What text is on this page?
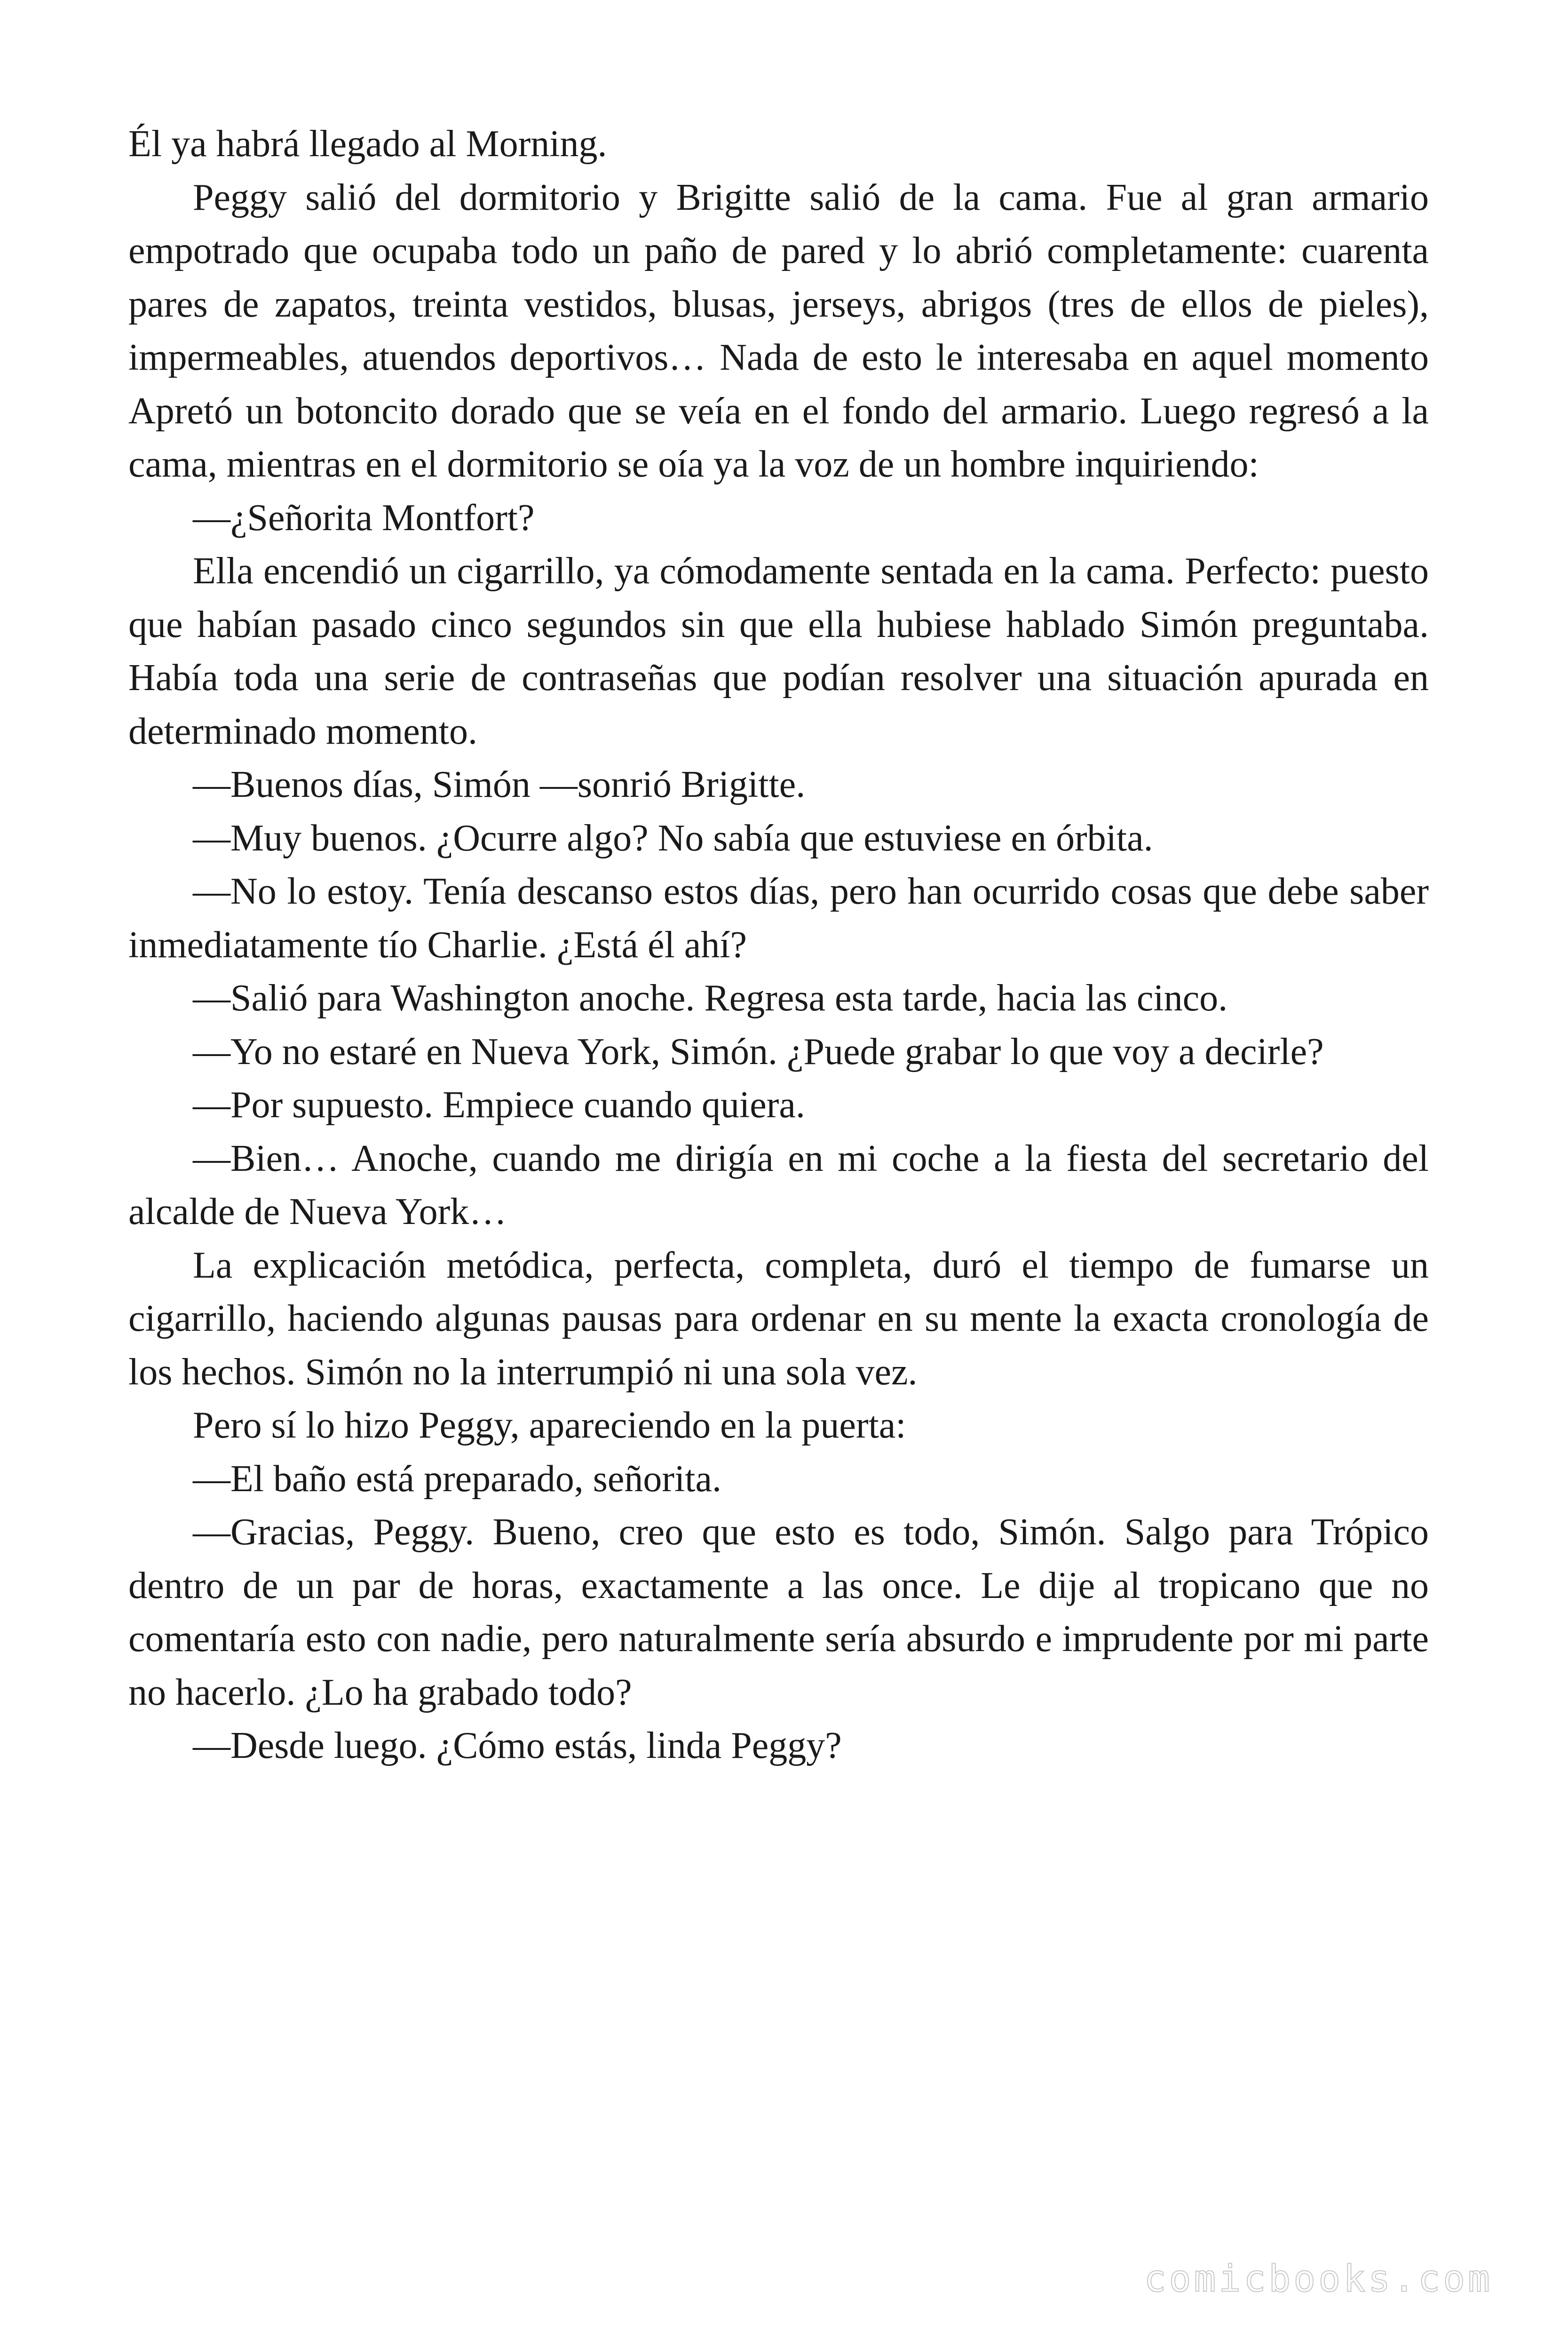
Él ya habrá llegado al Morning.

Peggy salió del dormitorio y Brigitte salió de la cama. Fue al gran armario empotrado que ocupaba todo un paño de pared y lo abrió completamente: cuarenta pares de zapatos, treinta vestidos, blusas, jerseys, abrigos (tres de ellos de pieles), impermeables, atuendos deportivos… Nada de esto le interesaba en aquel momento Apretó un botoncito dorado que se veía en el fondo del armario. Luego regresó a la cama, mientras en el dormitorio se oía ya la voz de un hombre inquiriendo:

—¿Señorita Montfort?

Ella encendió un cigarrillo, ya cómodamente sentada en la cama. Perfecto: puesto que habían pasado cinco segundos sin que ella hubiese hablado Simón preguntaba. Había toda una serie de contraseñas que podían resolver una situación apurada en determinado momento.

—Buenos días, Simón —sonrió Brigitte.

—Muy buenos. ¿Ocurre algo? No sabía que estuviese en órbita.

—No lo estoy. Tenía descanso estos días, pero han ocurrido cosas que debe saber inmediatamente tío Charlie. ¿Está él ahí?

—Salió para Washington anoche. Regresa esta tarde, hacia las cinco.

—Yo no estaré en Nueva York, Simón. ¿Puede grabar lo que voy a decirle?

—Por supuesto. Empiece cuando quiera.

—Bien… Anoche, cuando me dirigía en mi coche a la fiesta del secretario del alcalde de Nueva York…

La explicación metódica, perfecta, completa, duró el tiempo de fumarse un cigarrillo, haciendo algunas pausas para ordenar en su mente la exacta cronología de los hechos. Simón no la interrumpió ni una sola vez.

Pero sí lo hizo Peggy, apareciendo en la puerta:

—El baño está preparado, señorita.

—Gracias, Peggy. Bueno, creo que esto es todo, Simón. Salgo para Trópico dentro de un par de horas, exactamente a las once. Le dije al tropicano que no comentaría esto con nadie, pero naturalmente sería absurdo e imprudente por mi parte no hacerlo. ¿Lo ha grabado todo?

—Desde luego. ¿Cómo estás, linda Peggy?

comicbooks.com
